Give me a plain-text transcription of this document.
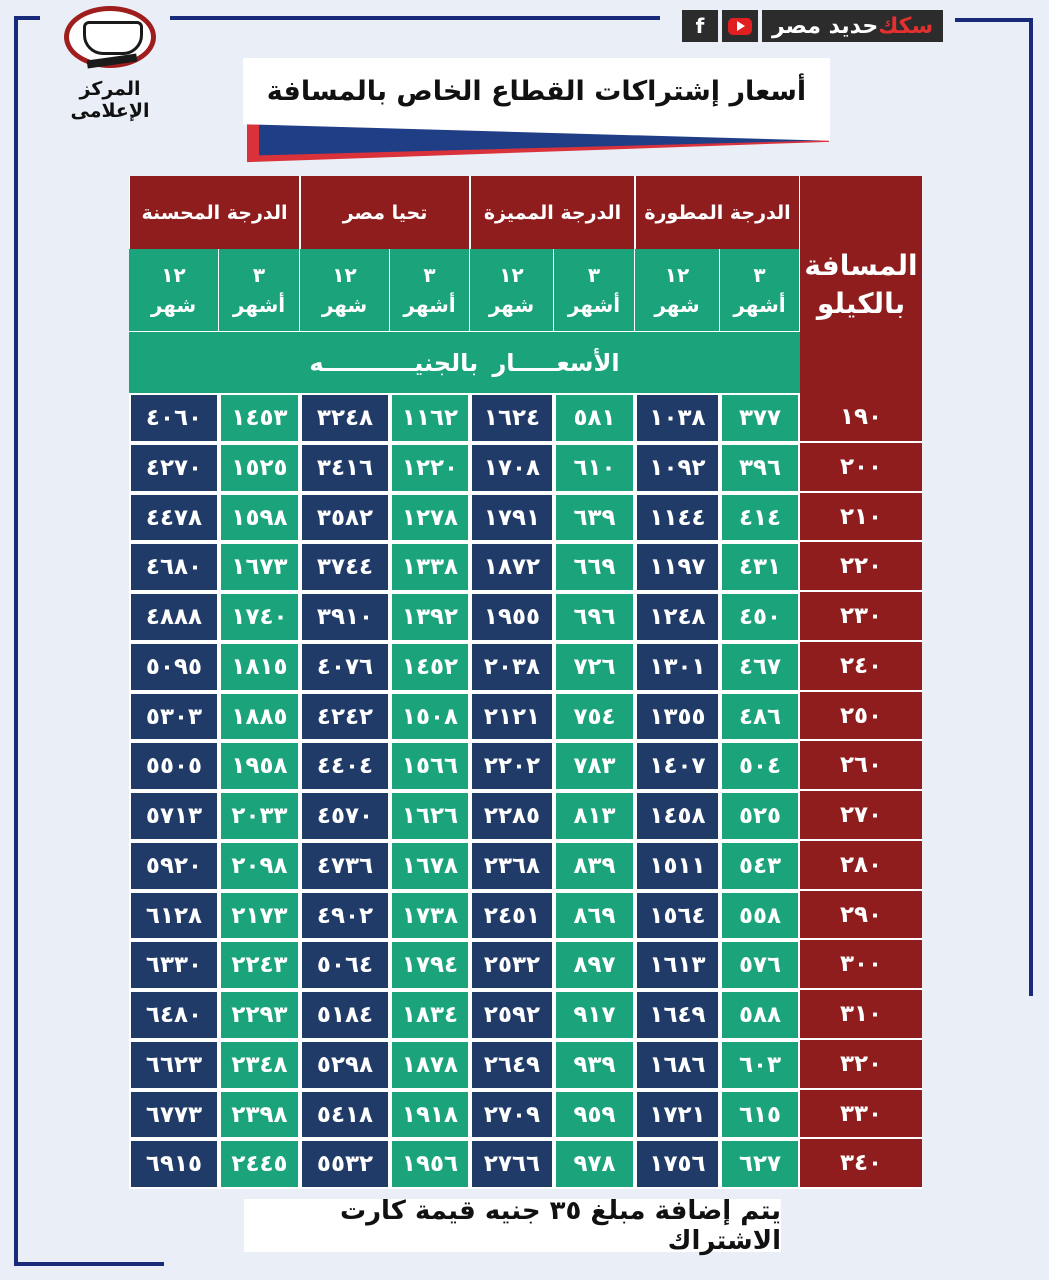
المركز الإعلامى
f	سكك
حديد مصر
أسعار إشتراكات القطاع الخاص بالمسافة
المسافة بالكيلو
الدرجة المطورة
الدرجة المميزة
تحيا مصر
الدرجة المحسنة
٣
أشهر
١٢
شهر
٣
أشهر
١٢
شهر
٣
أشهر
١٢
شهر
٣
أشهر
١٢
شهر
الأسعـــــار بالجنيـــــــــــه
١٩٠
٣٧٧
١٠٣٨
٥٨١
١٦٢٤
١١٦٢
٣٢٤٨
١٤٥٣
٤٠٦٠
٢٠٠
٣٩٦
١٠٩٢
٦١٠
١٧٠٨
١٢٢٠
٣٤١٦
١٥٢٥
٤٢٧٠
٢١٠
٤١٤
١١٤٤
٦٣٩
١٧٩١
١٢٧٨
٣٥٨٢
١٥٩٨
٤٤٧٨
٢٢٠
٤٣١
١١٩٧
٦٦٩
١٨٧٢
١٣٣٨
٣٧٤٤
١٦٧٣
٤٦٨٠
٢٣٠
٤٥٠
١٢٤٨
٦٩٦
١٩٥٥
١٣٩٢
٣٩١٠
١٧٤٠
٤٨٨٨
٢٤٠
٤٦٧
١٣٠١
٧٢٦
٢٠٣٨
١٤٥٢
٤٠٧٦
١٨١٥
٥٠٩٥
٢٥٠
٤٨٦
١٣٥٥
٧٥٤
٢١٢١
١٥٠٨
٤٢٤٢
١٨٨٥
٥٣٠٣
٢٦٠
٥٠٤
١٤٠٧
٧٨٣
٢٢٠٢
١٥٦٦
٤٤٠٤
١٩٥٨
٥٥٠٥
٢٧٠
٥٢٥
١٤٥٨
٨١٣
٢٢٨٥
١٦٢٦
٤٥٧٠
٢٠٣٣
٥٧١٣
٢٨٠
٥٤٣
١٥١١
٨٣٩
٢٣٦٨
١٦٧٨
٤٧٣٦
٢٠٩٨
٥٩٢٠
٢٩٠
٥٥٨
١٥٦٤
٨٦٩
٢٤٥١
١٧٣٨
٤٩٠٢
٢١٧٣
٦١٢٨
٣٠٠
٥٧٦
١٦١٣
٨٩٧
٢٥٣٢
١٧٩٤
٥٠٦٤
٢٢٤٣
٦٣٣٠
٣١٠
٥٨٨
١٦٤٩
٩١٧
٢٥٩٢
١٨٣٤
٥١٨٤
٢٢٩٣
٦٤٨٠
٣٢٠
٦٠٣
١٦٨٦
٩٣٩
٢٦٤٩
١٨٧٨
٥٢٩٨
٢٣٤٨
٦٦٢٣
٣٣٠
٦١٥
١٧٢١
٩٥٩
٢٧٠٩
١٩١٨
٥٤١٨
٢٣٩٨
٦٧٧٣
٣٤٠
٦٢٧
١٧٥٦
٩٧٨
٢٧٦٦
١٩٥٦
٥٥٣٢
٢٤٤٥
٦٩١٥
يتم إضافة مبلغ ٣٥ جنيه قيمة كارت الاشتراك
